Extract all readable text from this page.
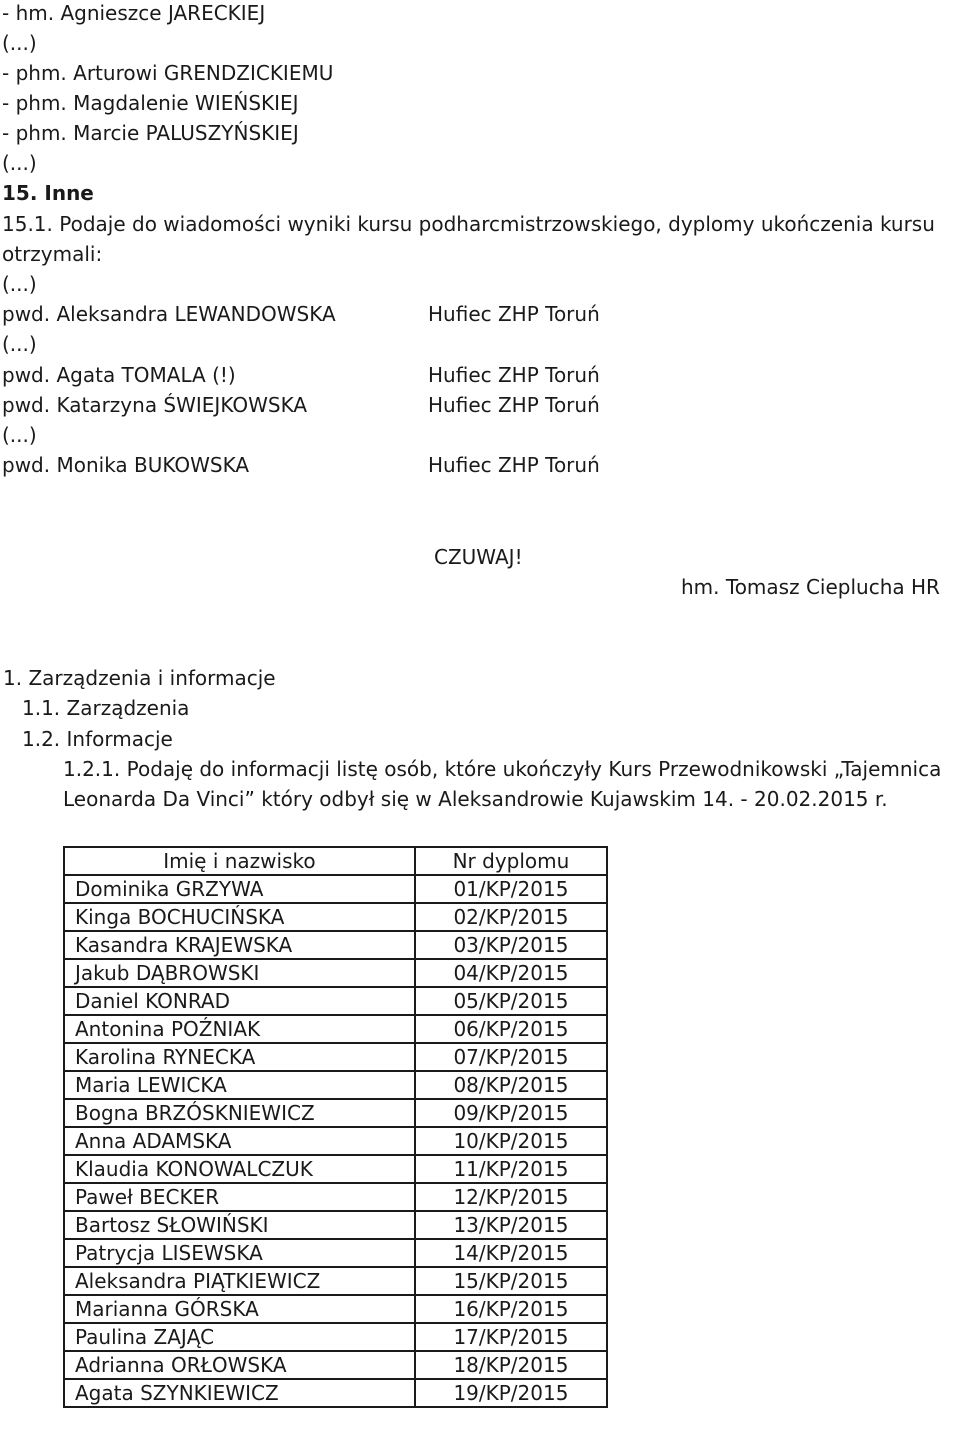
- hm. Agnieszce JARECKIEJ
(...)
- phm. Arturowi GRENDZICKIEMU
- phm. Magdalenie WIEŃSKIEJ
- phm. Marcie PALUSZYŃSKIEJ
(...)
15. Inne
15.1. Podaje do wiadomości wyniki kursu podharcmistrzowskiego, dyplomy ukończenia kursu
otrzymali:
(...)
pwd. Aleksandra LEWANDOWSKA	Hufiec ZHP Toruń
(...)
pwd. Agata TOMALA (!)	Hufiec ZHP Toruń
pwd. Katarzyna ŚWIEJKOWSKA	Hufiec ZHP Toruń
(...)
pwd. Monika BUKOWSKA	Hufiec ZHP Toruń
CZUWAJ!
hm. Tomasz Cieplucha HR
1. Zarządzenia i informacje
1.1. Zarządzenia
1.2. Informacje
1.2.1. Podaję do informacji listę osób, które ukończyły Kurs Przewodnikowski „Tajemnica
Leonarda Da Vinci” który odbył się w Aleksandrowie Kujawskim 14. - 20.02.2015 r.
Imię i nazwisko	Nr dyplomu
Dominika GRZYWA	01/KP/2015
Kinga BOCHUCIŃSKA	02/KP/2015
Kasandra KRAJEWSKA	03/KP/2015
Jakub DĄBROWSKI	04/KP/2015
Daniel KONRAD	05/KP/2015
Antonina POŹNIAK	06/KP/2015
Karolina RYNECKA	07/KP/2015
Maria LEWICKA	08/KP/2015
Bogna BRZÓSKNIEWICZ	09/KP/2015
Anna ADAMSKA	10/KP/2015
Klaudia KONOWALCZUK	11/KP/2015
Paweł BECKER	12/KP/2015
Bartosz SŁOWIŃSKI	13/KP/2015
Patrycja LISEWSKA	14/KP/2015
Aleksandra PIĄTKIEWICZ	15/KP/2015
Marianna GÓRSKA	16/KP/2015
Paulina ZAJĄC	17/KP/2015
Adrianna ORŁOWSKA	18/KP/2015
Agata SZYNKIEWICZ	19/KP/2015
